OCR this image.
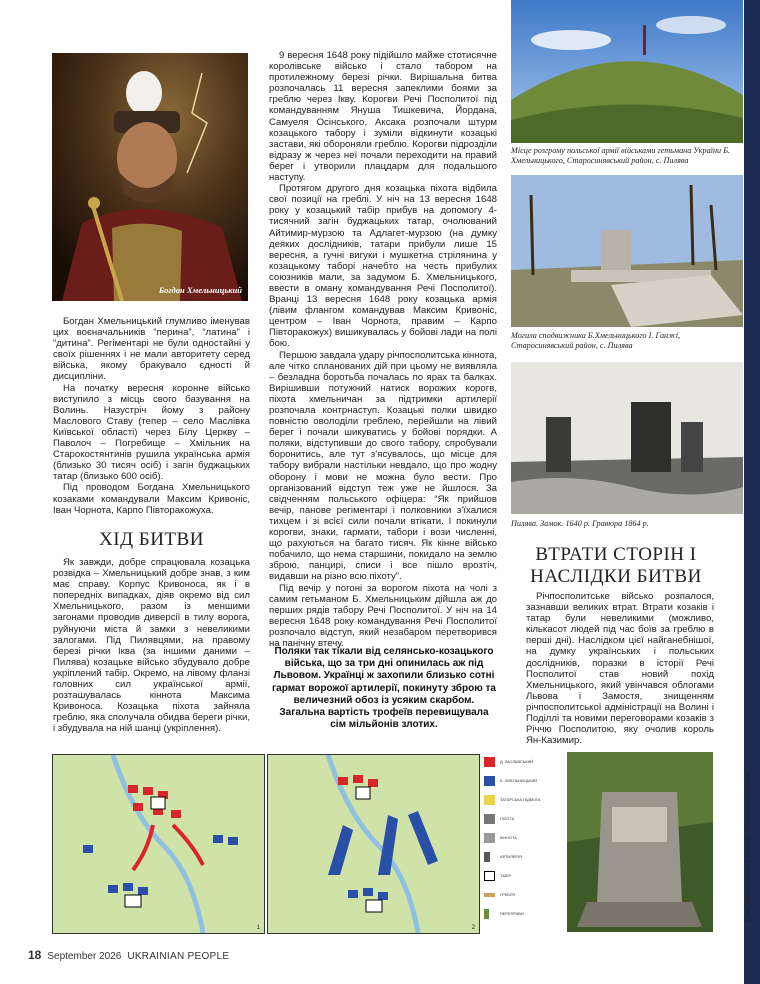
Богдан Хмельницький

Богдан Хмельницький глумливо іменував цих воєначальників “перина”, “латина” і “дитина”. Регіментарі не були одностайні у своїх рішеннях і не мали авторитету серед війська, якому бракувало єдності й дисципліни.

На початку вересня коронне військо виступило з місць свого базування на Волинь. Назустріч йому з району Маслового Ставу (тепер – село Маслівка Київської області) через Білу Церкву – Паволоч – Погребище – Хмільник на Старокостянтинів рушила українська армія (близько 30 тисяч осіб) і загін буджацьких татар (близько 600 осіб).

Під проводом Богдана Хмельницького козаками командували Максим Кривоніс, Іван Чорнота, Карпо Півторакожуха.

ХІД БИТВИ

Як завжди, добре спрацювала козацька розвідка – Хмельницький добре знав, з ким має справу. Корпус Кривоноса, як і в попередніх випадках, діяв окремо від сил Хмельницького, разом із меншими загонами проводив диверсії в тилу ворога, руйнуючи міста й замки з невеликими залогами. Під Пилявцями, на правому березі річки Іква (за іншими даними – Пилява) козацьке військо збудувало добре укріплений табір. Окремо, на лівому фланзі головних сил української армії, розташувалась кіннота Максима Кривоноса. Козацька піхота зайняла греблю, яка сполучала обидва береги річки, і збудувала на ній шанці (укріплення).

9 вересня 1648 року підійшло майже стотисячне королівське військо і стало табором на протилежному березі річки. Вирішальна битва розпочалась 11 вересня запеклими боями за греблю через Ікву. Корогви Речі Посполитої під командуванням Януша Тишкевича, Йордана, Самуеля Осінського, Аксака розпочали штурм козацького табору і зуміли відкинути козацькі застави, які обороняли греблю. Корогви підрозділи відразу ж через неї почали переходити на правий берег і утворили плацдарм для подальшого наступу.

Протягом другого дня козацька піхота відбила свої позиції на греблі. У ніч на 13 вересня 1648 року у козацький табір прибув на допомогу 4-тисячний загін буджацьких татар, очолюваний Айтимир-мурзою та Адлагет-мурзою (на думку деяких дослідників, татари прибули лише 15 вересня, а гучні вигуки і мушкетна стрілянина у козацькому таборі начебто на честь прибулих союзників мали, за задумом Б. Хмельницького, ввести в оману командування Речі Посполитої). Вранці 13 вересня 1648 року козацька армія (лівим флангом командував Максим Кривоніс, центром – Іван Чорнота, правим – Карпо Півторакожух) вишикувалась у бойові лади на полі бою.

Першою завдала удару річпосполитська кіннота, але чітко спланованих дій при цьому не виявляла – безладна боротьба почалась по ярах та балках. Вирішивши потужний натиск ворожих корогв, піхота хмельничан за підтримки артилерії розпочала контрнаступ. Козацькі полки швидко повністю оволоділи греблею, перейшли на лівий берег і почали шикуватись у бойові порядки. А поляки, відступивши до свого табору, спробували боронитись, але тут з’ясувалось, що місце для табору вибрали настільки невдало, що про жодну оборону і мови не можна було вести. Про організований відступ теж уже не йшлося. За свідченням польського офіцера: “Як прийшов вечір, панове регіментарі і полковники з’їхалися тихцем і зі всієї сили почали втікати. І покинули корогви, знаки, гармати, табори і вози численні, що рахуються на багато тисяч. Як кінне військо побачило, що нема старшини, покидало на землю зброю, панцирі, списи і все пішло врозтіч, видавши на різно всю піхоту”.

Під вечір у погоні за ворогом піхота на чолі з самим гетьманом Б. Хмельницьким дійшла аж до перших рядів табору Речі Посполитої. У ніч на 14 вересня 1648 року командування Речі Посполитої розпочало відступ, який незабаром перетворився на панічну втечу.

Поляки так тікали від селянсько-козацького війська, що за три дні опинилась аж під Львовом. Українці ж захопили близько сотні гармат ворожої артилерії, покинуту зброю та величезний обоз із усяким скарбом. Загальна вартість трофеїв перевищувала сім мільйонів злотих.
Місце розгрому польської армії військами гетьмана України Б. Хмельницького, Старосинявський район, с. Пилява
Могила сподвижника Б.Хмельницького І. Ганжі, Старосинявський район, с. Пилява
Пилява. Замок. 1640 р. Гравюра 1864 р.
ВТРАТИ СТОРІН І НАСЛІДКИ БИТВИ

Річпосполитське військо розпалося, зазнавши великих втрат. Втрати козаків і татар були невеликими (можливо, кількасот людей під час боїв за греблю в перші дні). Наслідком цієї найганебнішої, на думку українських і польських дослідників, поразки в історії Речі Посполитої став новий похід Хмельницького, який увінчався облогами Львова і Замостя, знищенням річпосполитської адміністрації на Волині і Поділлі та новими переговорами козаків з Річчю Посполитою, яку очолив король Ян-Казимир.

1	2
Д. ЗАСЛАВСЬКИЙ
Б. ХМЕЛЬНИЦЬКИЙ
ТАТАРСЬКА ПІДМОГА
ПІХОТА
КІННОТА
АРТИЛЕРІЯ
ТАБІР
ГРЕБЛЯ
ПЕРЕПРАВИ	Пам’ятний знак з нагоди Пилявської битви
18 September 2026 UKRAINIAN PEOPLE
